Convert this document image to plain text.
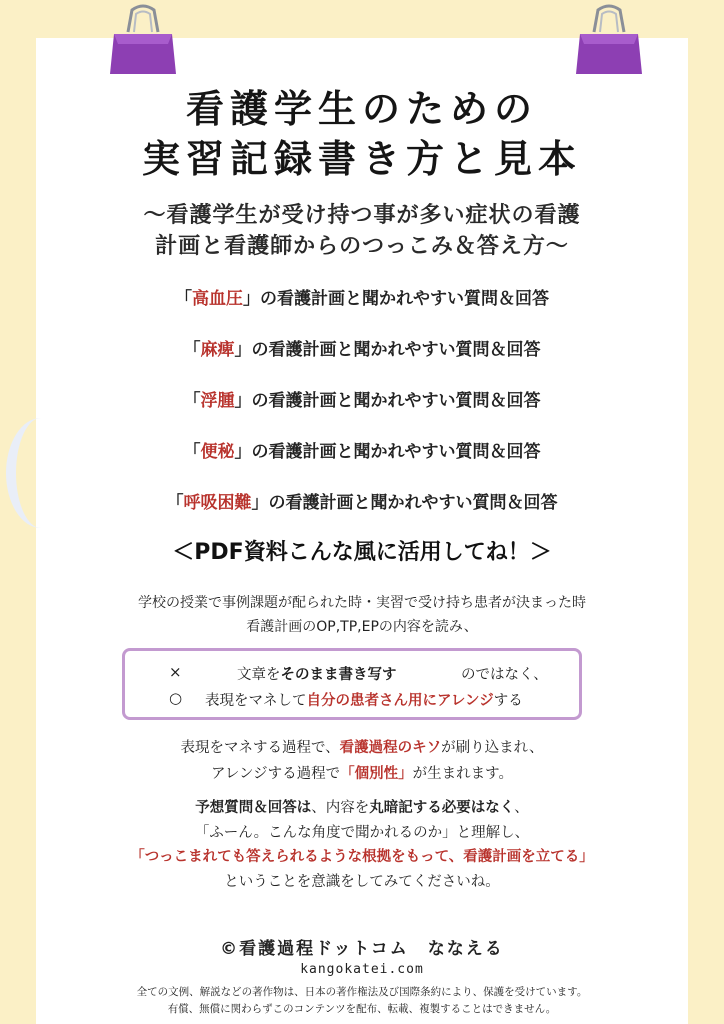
看護学生のための
実習記録書き方と見本
〜看護学生が受け持つ事が多い症状の看護
計画と看護師からのつっこみ＆答え方〜
「高血圧」の看護計画と聞かれやすい質問＆回答
「麻痺」の看護計画と聞かれやすい質問＆回答
「浮腫」の看護計画と聞かれやすい質問＆回答
「便秘」の看護計画と聞かれやすい質問＆回答
「呼吸困難」の看護計画と聞かれやすい質問＆回答
＜PDF資料こんな風に活用してね！＞
学校の授業で事例課題が配られた時・実習で受け持ち患者が決まった時
看護計画のOP,TP,EPの内容を読み、
×	文章をそのまま書き写す	のではなく、
○ 表現をマネして自分の患者さん用にアレンジする
表現をマネする過程で、看護過程のキソが刷り込まれ、
アレンジする過程で「個別性」が生まれます。
予想質問＆回答は、内容を丸暗記する必要はなく、
「ふーん。こんな角度で聞かれるのか」と理解し、
「つっこまれても答えられるような根拠をもって、看護計画を立てる」
ということを意識をしてみてくださいね。
©看護過程ドットコム　ななえる
kangokatei.com
全ての文例、解説などの著作物は、日本の著作権法及び国際条約により、保護を受けています。
有償、無償に関わらずこのコンテンツを配布、転載、複製することはできません。
